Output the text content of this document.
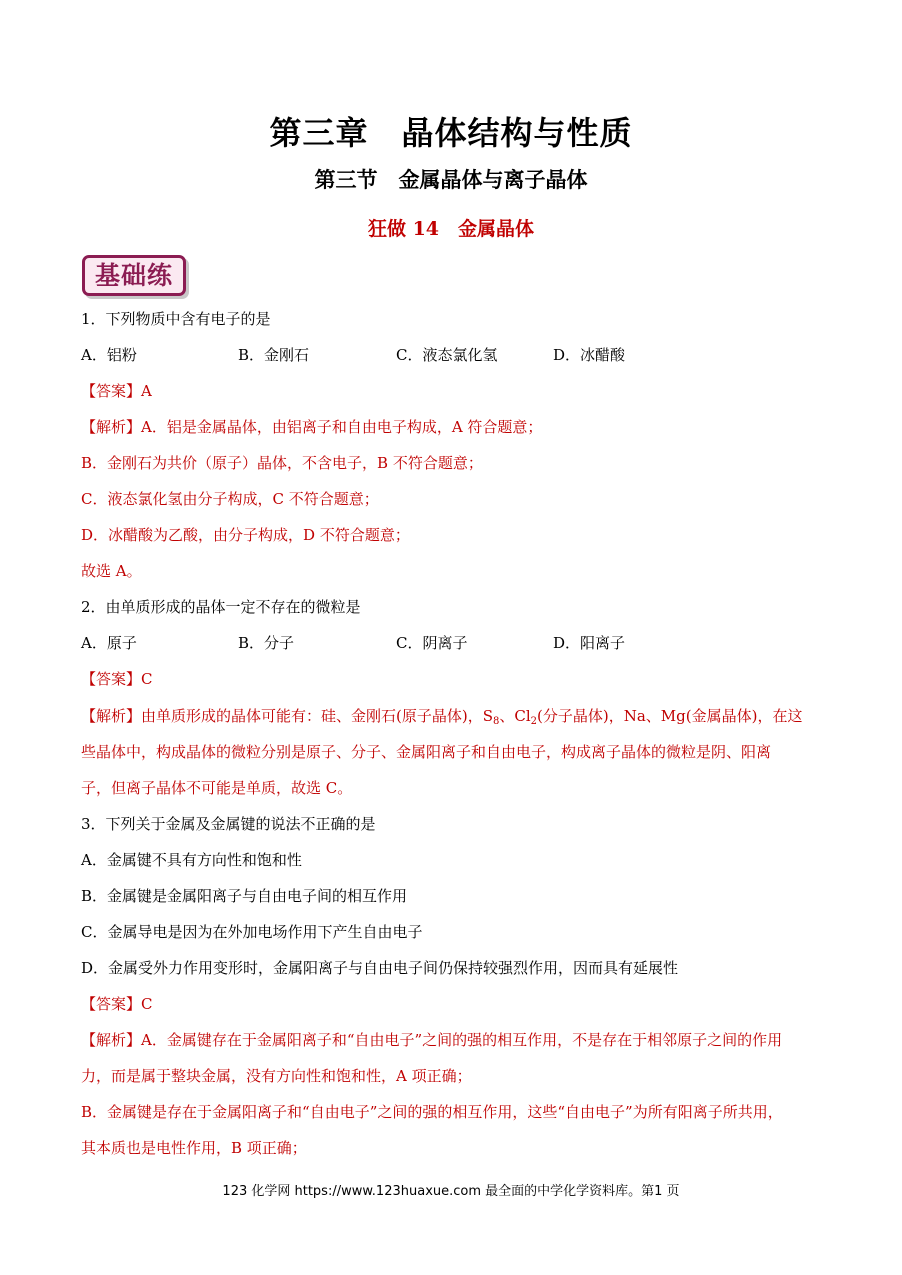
第三章　晶体结构与性质
第三节　金属晶体与离子晶体
狂做 14　金属晶体
基础练
1．下列物质中含有电子的是
A．铝粉	B．金刚石	C．液态氯化氢	D．冰醋酸
【答案】A
【解析】A．铝是金属晶体，由铝离子和自由电子构成，A 符合题意；
B．金刚石为共价（原子）晶体，不含电子，B 不符合题意；
C．液态氯化氢由分子构成，C 不符合题意；
D．冰醋酸为乙酸，由分子构成，D 不符合题意；
故选 A。
2．由单质形成的晶体一定不存在的微粒是
A．原子	B．分子	C．阴离子	D．阳离子
【答案】C
【解析】由单质形成的晶体可能有：硅、金刚石(原子晶体)，$S_8$、$Cl_2$(分子晶体)，Na、Mg(金属晶体)，在这
些晶体中，构成晶体的微粒分别是原子、分子、金属阳离子和自由电子，构成离子晶体的微粒是阴、阳离
子，但离子晶体不可能是单质，故选 C。
3．下列关于金属及金属键的说法不正确的是
A．金属键不具有方向性和饱和性
B．金属键是金属阳离子与自由电子间的相互作用
C．金属导电是因为在外加电场作用下产生自由电子
D．金属受外力作用变形时，金属阳离子与自由电子间仍保持较强烈作用，因而具有延展性
【答案】C
【解析】A．金属键存在于金属阳离子和“自由电子”之间的强的相互作用，不是存在于相邻原子之间的作用
力，而是属于整块金属，没有方向性和饱和性，A 项正确；
B．金属键是存在于金属阳离子和“自由电子”之间的强的相互作用，这些“自由电子”为所有阳离子所共用，
其本质也是电性作用，B 项正确；
123 化学网 https://www.123huaxue.com 最全面的中学化学资料库。第1 页
